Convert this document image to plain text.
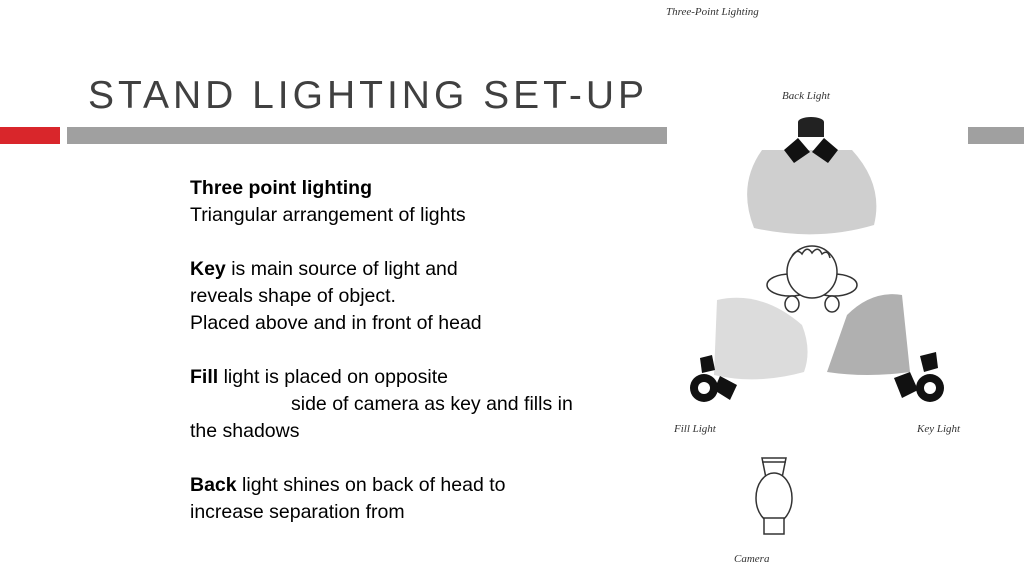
STAND LIGHTING SET-UP

Three point lighting

Triangular arrangement of lights

Key is main source of light and

reveals shape of object.

Placed above and in front of head

Fill light is placed on opposite

side of camera as key and fills in

the shadows

Back light shines on back of head to

increase separation from

Three-Point Lighting
Back Light
Fill Light	Key Light
Camera
